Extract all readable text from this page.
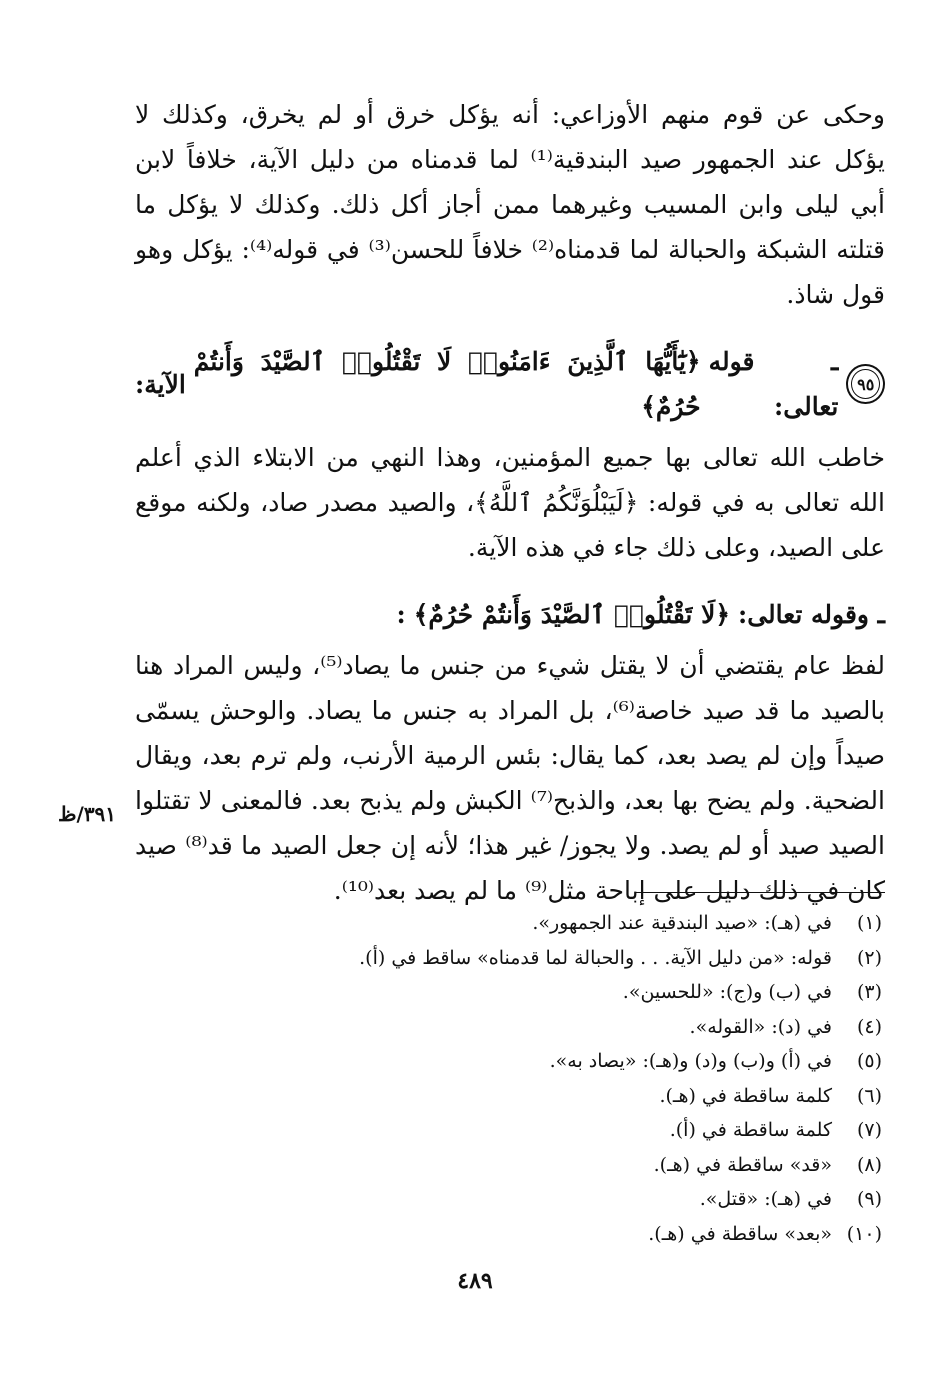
وحكى عن قوم منهم الأوزاعي: أنه يؤكل خرق أو لم يخرق، وكذلك لا يؤكل عند الجمهور صيد البندقية⁽¹⁾ لما قدمناه من دليل الآية، خلافاً لابن أبي ليلى وابن المسيب وغيرهما ممن أجاز أكل ذلك. وكذلك لا يؤكل ما قتلته الشبكة والحبالة لما قدمناه⁽²⁾ خلافاً للحسن⁽³⁾ في قوله⁽⁴⁾: يؤكل وهو قول شاذ.

٩٥
ـ قوله تعالى:
﴿يَٰٓأَيُّهَا ٱلَّذِينَ ءَامَنُوا۟ لَا تَقْتُلُوا۟ ٱلصَّيْدَ وَأَنتُمْ حُرُمٌ﴾
الآية:

خاطب الله تعالى بها جميع المؤمنين، وهذا النهي من الابتلاء الذي أعلم الله تعالى به في قوله: ﴿لَيَبْلُوَنَّكُمُ ٱللَّهُ﴾، والصيد مصدر صاد، ولكنه موقع على الصيد، وعلى ذلك جاء في هذه الآية.

ـ وقوله تعالى:
﴿لَا تَقْتُلُوا۟ ٱلصَّيْدَ وَأَنتُمْ حُرُمٌ﴾
:

لفظ عام يقتضي أن لا يقتل شيء من جنس ما يصاد⁽⁵⁾، وليس المراد هنا بالصيد ما قد صيد خاصة⁽⁶⁾، بل المراد به جنس ما يصاد. والوحش يسمّى صيداً وإن لم يصد بعد، كما يقال: بئس الرمية الأرنب، ولم ترم بعد، ويقال الضحية. ولم يضح بها بعد، والذبح⁽⁷⁾ الكبش ولم يذبح بعد. فالمعنى لا تقتلوا الصيد صيد أو لم يصد. ولا يجوز/ غير هذا؛ لأنه إن جعل الصيد ما قد⁽⁸⁾ صيد كان في ذلك دليل على إباحة مثل⁽⁹⁾ ما لم يصد بعد⁽¹⁰⁾.

٣٩١/ظ
(١)
في (هـ): «صيد البندقية عند الجمهور».
(٢)
قوله: «من دليل الآية. . . والحبالة لما قدمناه» ساقط في (أ).
(٣)
في (ب) و(ج): «للحسين».
(٤)
في (د): «القوله».
(٥)
في (أ) و(ب) و(د) و(هـ): «يصاد به».
(٦)
كلمة ساقطة في (هـ).
(٧)
كلمة ساقطة في (أ).
(٨)
«قد» ساقطة في (هـ).
(٩)
في (هـ): «قتل».
(١٠)
«بعد» ساقطة في (هـ).
٤٨٩
